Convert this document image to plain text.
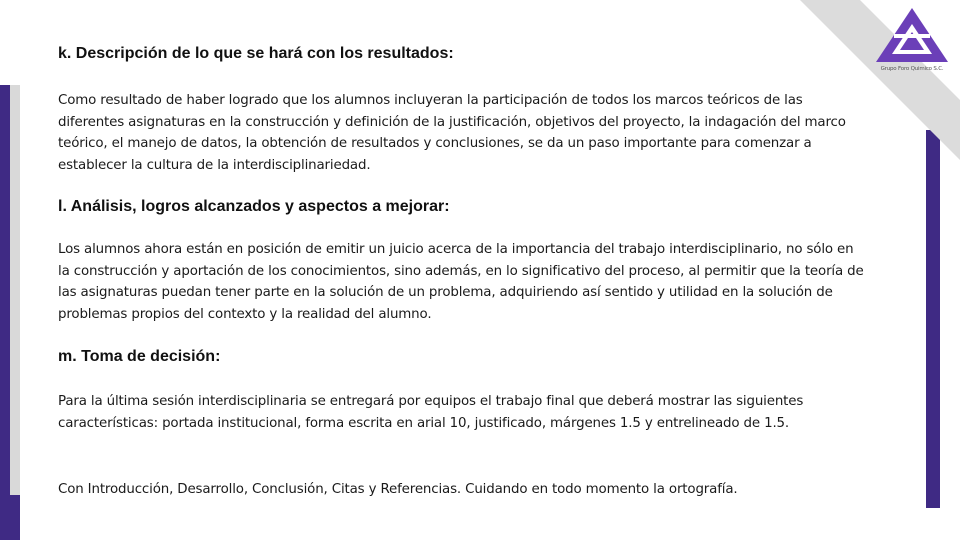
Grupo Foro Quimico S.C.
k. Descripción de lo que se hará con los resultados:

Como resultado de haber logrado que los alumnos incluyeran la participación de todos los marcos teóricos de las diferentes asignaturas en la construcción y definición de la justificación, objetivos del proyecto, la indagación del marco teórico, el manejo de datos, la obtención de resultados y conclusiones, se da un paso importante para comenzar a establecer la cultura de la interdisciplinariedad.

l. Análisis, logros alcanzados y aspectos a mejorar:

Los alumnos ahora están en posición de emitir un juicio acerca de la importancia del trabajo interdisciplinario, no sólo en la construcción y aportación de los conocimientos, sino además, en lo significativo del proceso, al permitir que la teoría de las asignaturas puedan tener parte en la solución de un problema, adquiriendo así sentido y utilidad en la solución de problemas propios del contexto y la realidad del alumno.

m. Toma de decisión:

Para la última sesión interdisciplinaria se entregará por equipos el trabajo final que deberá mostrar las siguientes características: portada institucional, forma escrita en arial 10, justificado, márgenes 1.5 y entrelineado de 1.5.

Con Introducción, Desarrollo, Conclusión, Citas y Referencias. Cuidando en todo momento la ortografía.
